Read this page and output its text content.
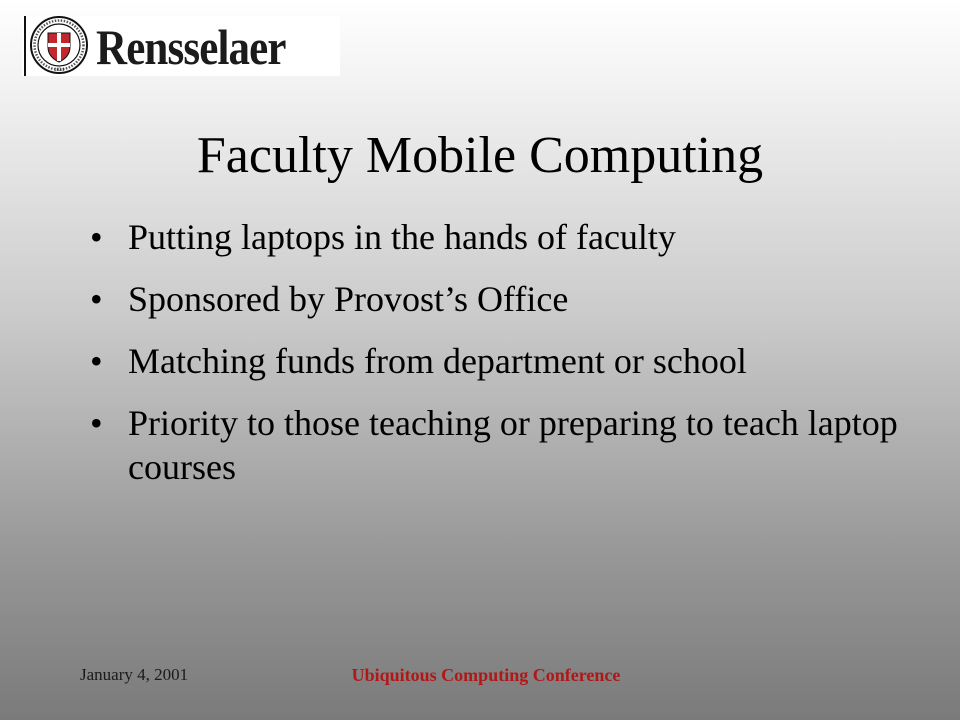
1824 Rensselaer
Faculty Mobile Computing
• Putting laptops in the hands of faculty
• Sponsored by Provost’s Office
• Matching funds from department or school
• Priority to those teaching or preparing to teach laptop courses
January 4, 2001	Ubiquitous Computing Conference
